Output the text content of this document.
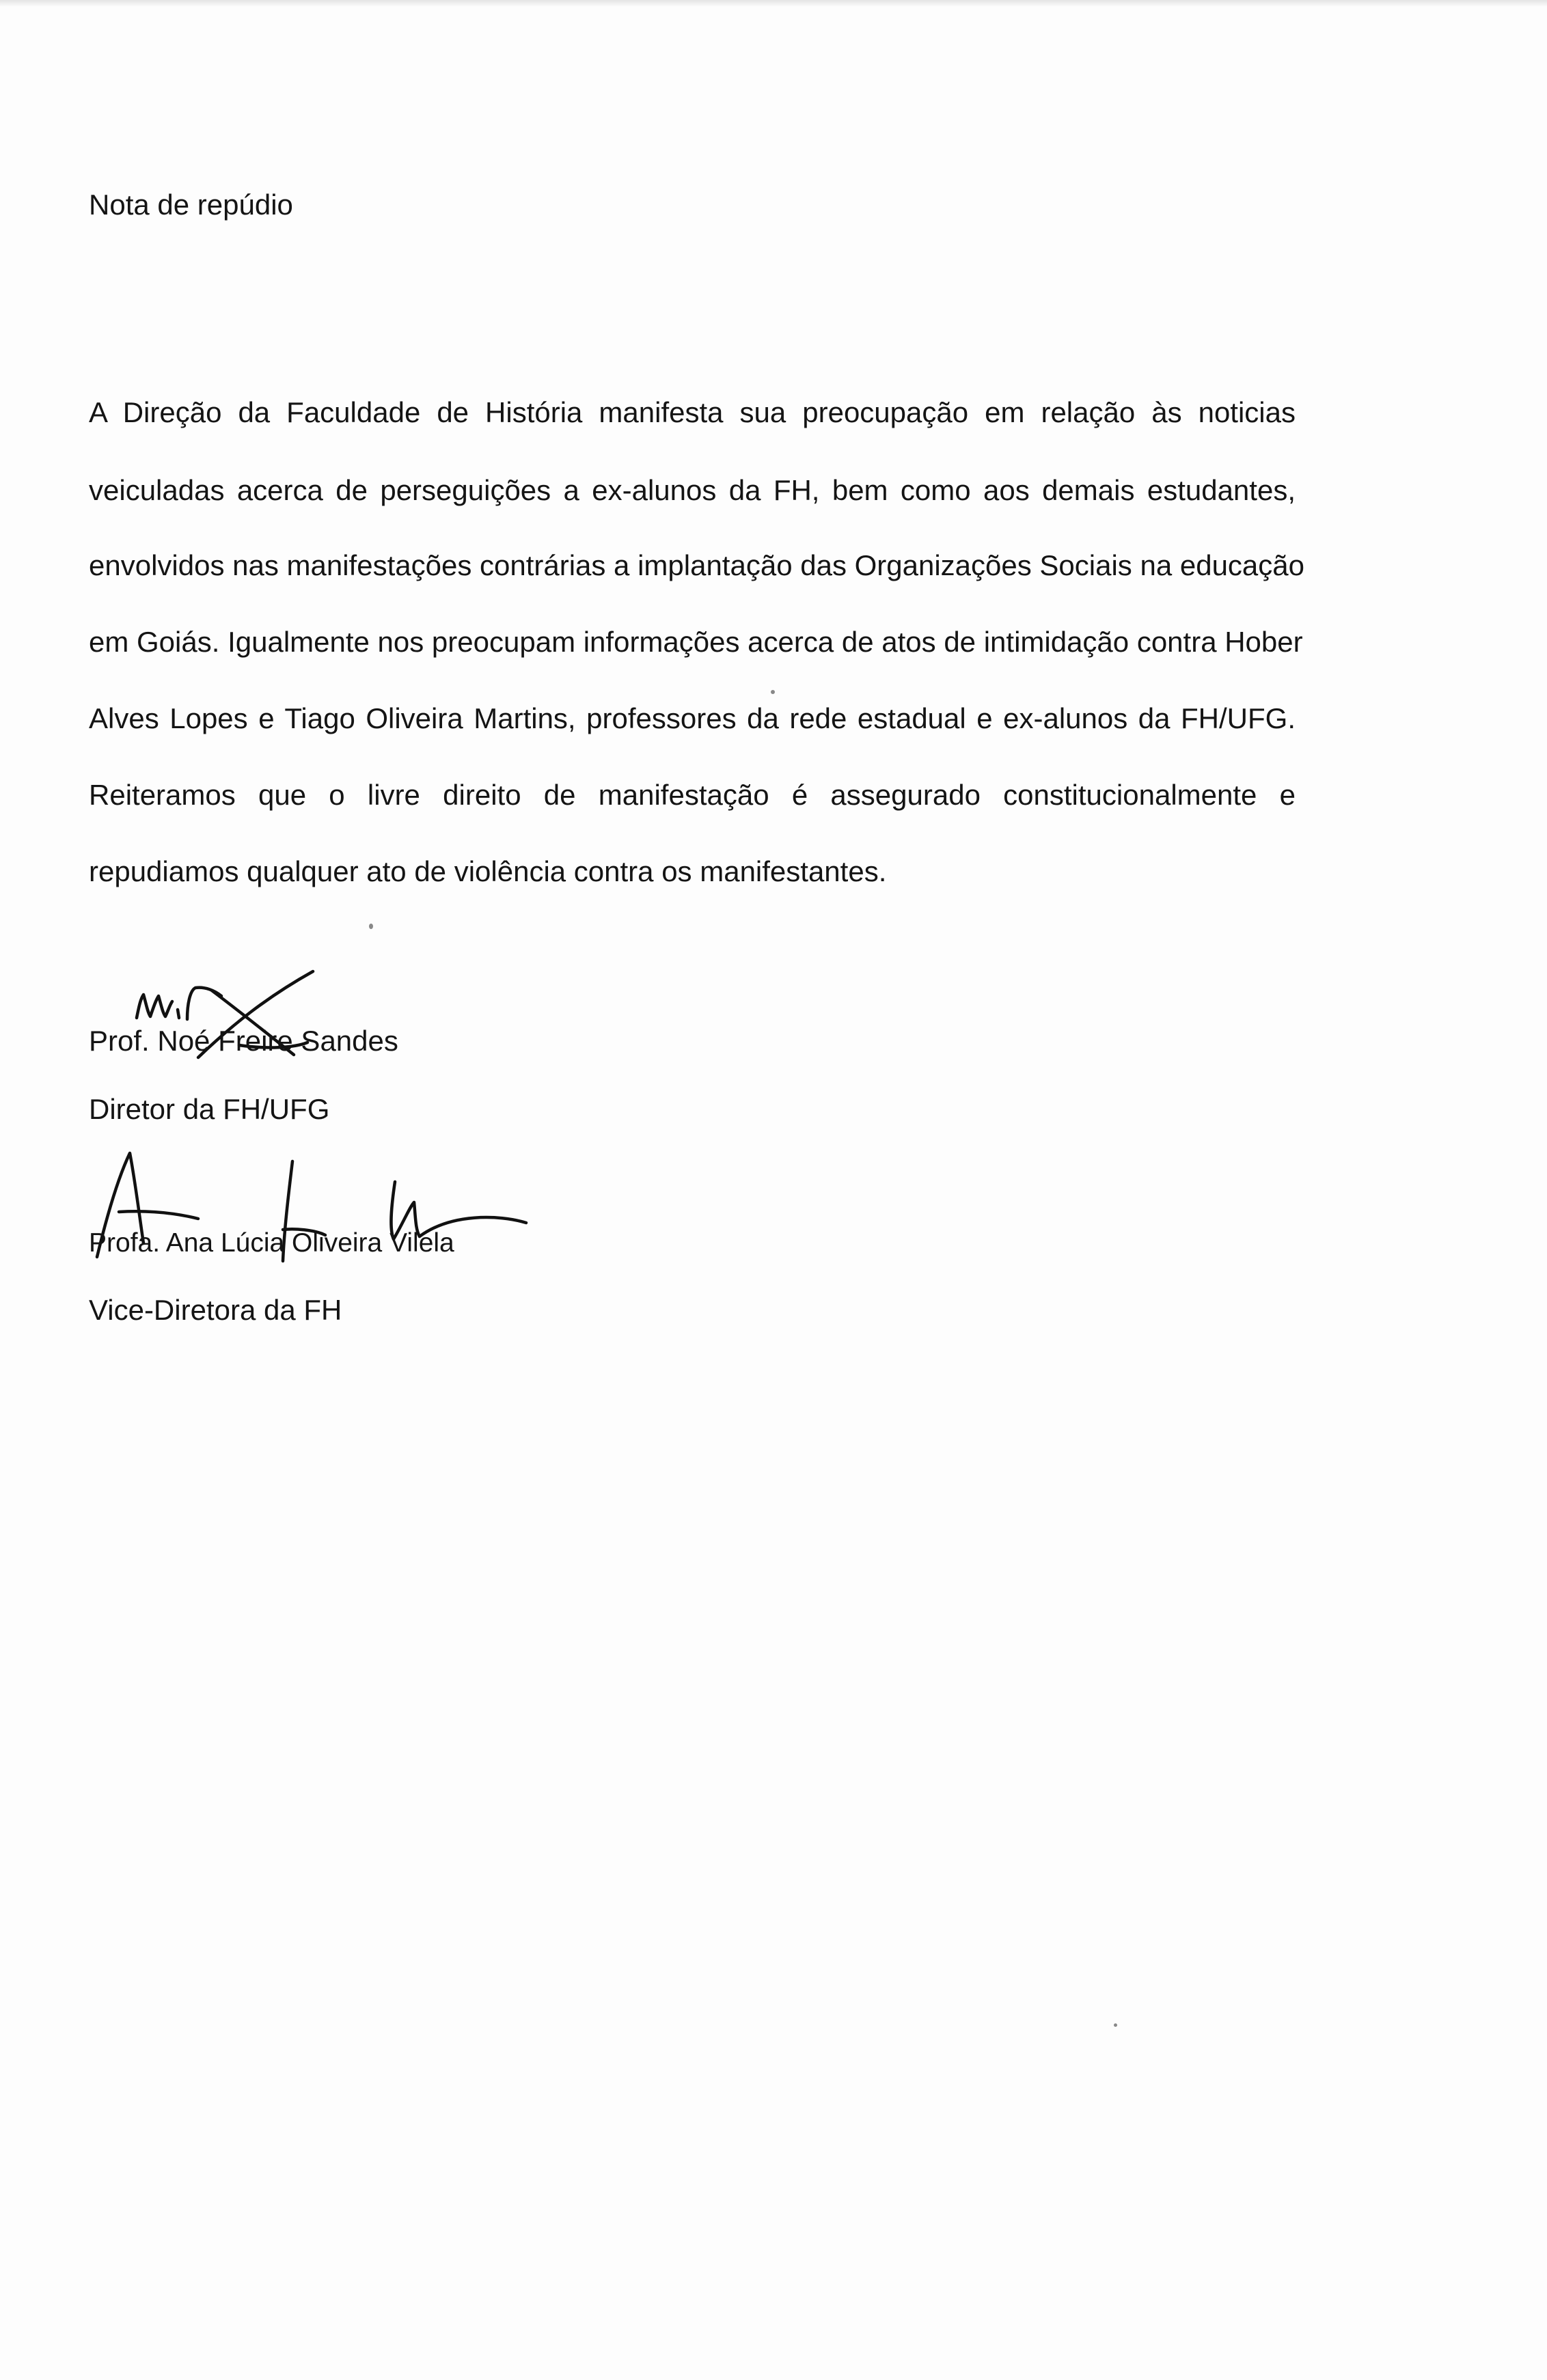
Nota de repúdio
A Direção da Faculdade de História manifesta sua preocupação em relação às noticias
veiculadas acerca de perseguições a ex-alunos da FH, bem como aos demais estudantes,
envolvidos nas manifestações contrárias a implantação das Organizações Sociais na educação
em Goiás. Igualmente nos preocupam informações acerca de atos de intimidação contra Hober
Alves Lopes e Tiago Oliveira Martins, professores da rede estadual e ex-alunos da FH/UFG.
Reiteramos que o livre direito de manifestação é assegurado constitucionalmente e
repudiamos qualquer ato de violência contra os manifestantes.
Prof. Noé Freire Sandes
Diretor da FH/UFG
Profa. Ana Lúcia Oliveira Vilela
Vice-Diretora da FH
